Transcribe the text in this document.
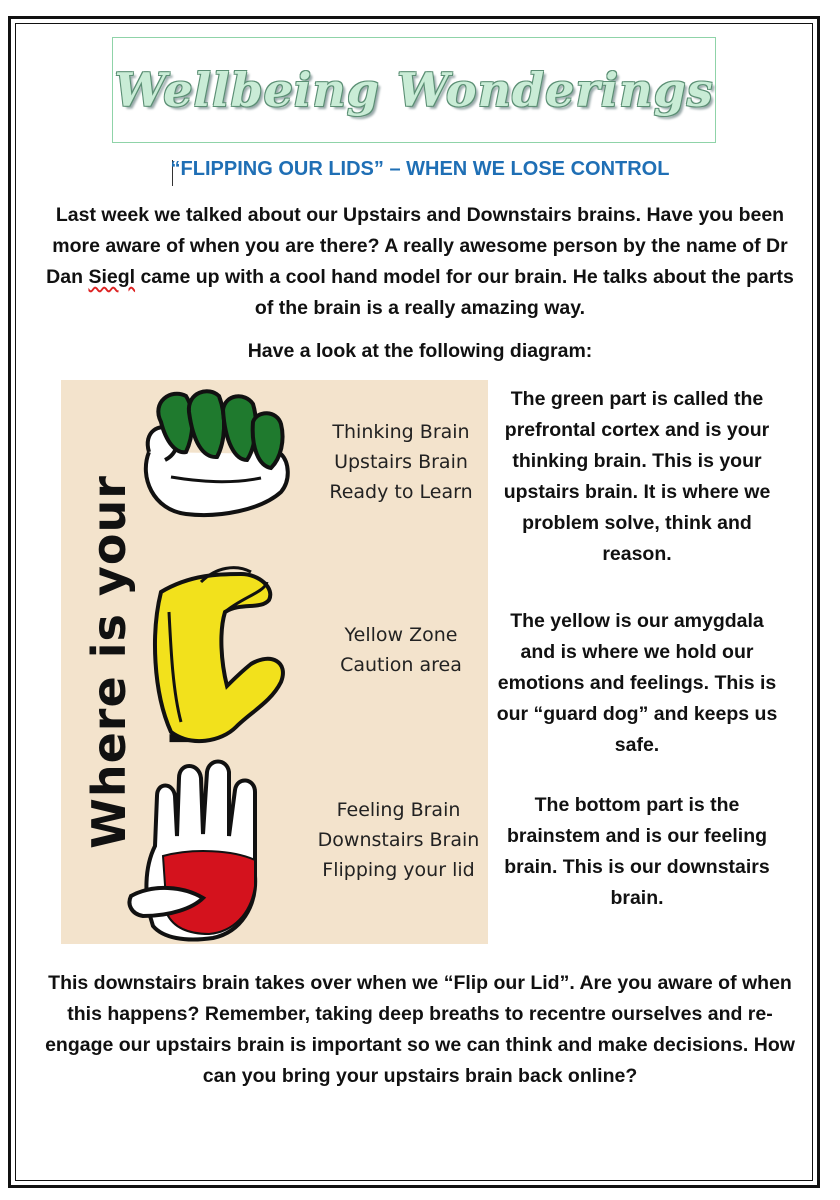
Wellbeing Wonderings
“FLIPPING OUR LIDS” – WHEN WE LOSE CONTROL
Last week we talked about our Upstairs and Downstairs brains. Have you been more aware of when you are there? A really awesome person by the name of Dr Dan Siegl came up with a cool hand model for our brain. He talks about the parts of the brain is a really amazing way.
Have a look at the following diagram:
Where is your
Thinking Brain
Upstairs Brain
Ready to Learn
Yellow Zone
Caution area
Feeling Brain
Downstairs Brain
Flipping your lid
The green part is called the prefrontal cortex and is your thinking brain. This is your upstairs brain. It is where we problem solve, think and reason.
The yellow is our amygdala and is where we hold our emotions and feelings. This is our “guard dog” and keeps us safe.
The bottom part is the brainstem and is our feeling brain. This is our downstairs brain.
This downstairs brain takes over when we “Flip our Lid”. Are you aware of when this happens? Remember, taking deep breaths to recentre ourselves and re-engage our upstairs brain is important so we can think and make decisions. How can you bring your upstairs brain back online?
